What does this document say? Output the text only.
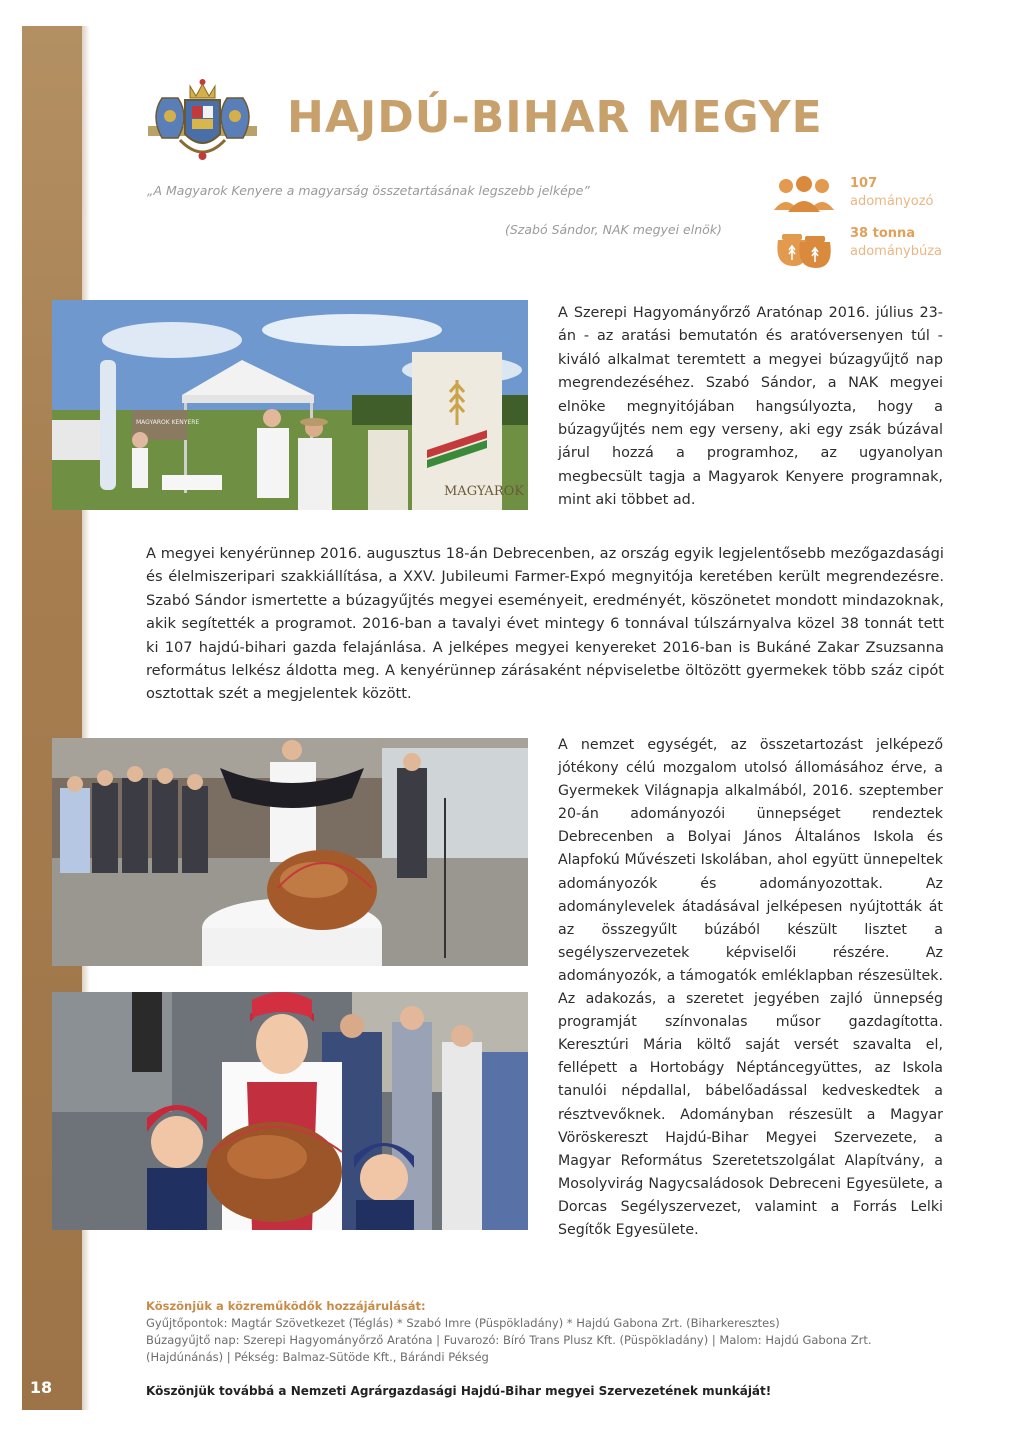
18
HAJDÚ-BIHAR MEGYE

„A Magyarok Kenyere a magyarság összetartásának legszebb jelképe”

(Szabó Sándor, NAK megyei elnök)

107
adományozó
38 tonna
adománybúza
MAGYAROK
MAGYAROK KENYERE

A Szerepi Hagyományőrző Aratónap 2016. július 23-án - az aratási bemutatón és aratóversenyen túl - kiváló alkalmat teremtett a megyei búzagyűjtő nap megrendezéséhez. Szabó Sándor, a NAK megyei elnöke megnyitójában hangsúlyozta, hogy a búzagyűjtés nem egy verseny, aki egy zsák búzával járul hozzá a programhoz, az ugyanolyan megbecsült tagja a Magyarok Kenyere programnak, mint aki többet ad.

A megyei kenyérünnep 2016. augusztus 18-án Debrecenben, az ország egyik legjelentősebb mezőgazdasági és élelmiszeripari szakkiállítása, a XXV. Jubileumi Farmer-Expó megnyitója keretében került megrendezésre. Szabó Sándor ismertette a búzagyűjtés megyei eseményeit, eredményét, köszönetet mondott mindazoknak, akik segítették a programot. 2016-ban a tavalyi évet mintegy 6 tonnával túlszárnyalva közel 38 tonnát tett ki 107 hajdú-bihari gazda felajánlása. A jelképes megyei kenyereket 2016-ban is Bukáné Zakar Zsuzsanna református lelkész áldotta meg. A kenyérünnep zárásaként népviseletbe öltözött gyermekek több száz cipót osztottak szét a megjelentek között.

A nemzet egységét, az összetartozást jelképező jótékony célú mozgalom utolsó állomásához érve, a Gyermekek Világnapja alkalmából, 2016. szeptember 20-án adományozói ünnepséget rendeztek Debrecenben a Bolyai János Általános Iskola és Alapfokú Művészeti Iskolában, ahol együtt ünnepeltek adományozók és adományozottak. Az adománylevelek átadásával jelképesen nyújtották át az összegyűlt búzából készült lisztet a segélyszervezetek képviselői részére. Az adományozók, a támogatók emléklapban részesültek. Az adakozás, a szeretet jegyében zajló ünnepség programját színvonalas műsor gazdagította. Keresztúri Mária költő saját versét szavalta el, fellépett a Hortobágy Néptáncegyüttes, az Iskola tanulói népdallal, bábelőadással kedveskedtek a résztvevőknek. Adományban részesült a Magyar Vöröskereszt Hajdú-Bihar Megyei Szervezete, a Magyar Református Szeretetszolgálat Alapítvány, a Mosolyvirág Nagycsaládosok Debreceni Egyesülete, a Dorcas Segélyszervezet, valamint a Forrás Lelki Segítők Egyesülete.

Köszönjük a közreműködők hozzájárulását:

Gyűjtőpontok: Magtár Szövetkezet (Téglás) * Szabó Imre (Püspökladány) * Hajdú Gabona Zrt. (Biharkeresztes)

Búzagyűjtő nap: Szerepi Hagyományőrző Aratóna | Fuvarozó: Bíró Trans Plusz Kft. (Püspökladány) | Malom: Hajdú Gabona Zrt.

(Hajdúnánás) | Pékség: Balmaz-Sütöde Kft., Bárándi Pékség

Köszönjük továbbá a Nemzeti Agrárgazdasági Hajdú-Bihar megyei Szervezetének munkáját!
